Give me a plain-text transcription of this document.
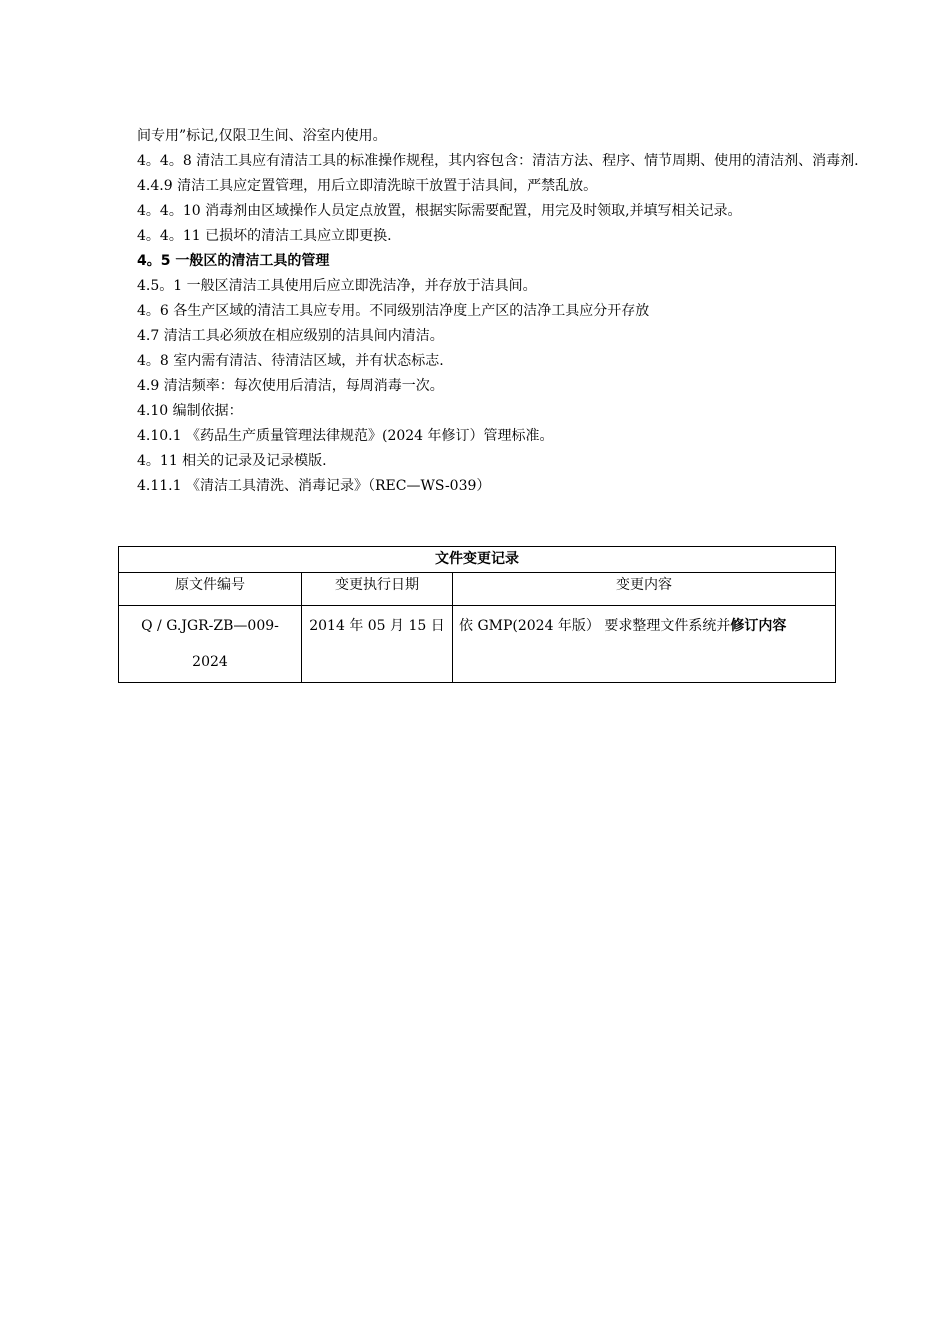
间专用”标记,仅限卫生间、浴室内使用。

4。4。8 清洁工具应有清洁工具的标准操作规程，其内容包含：清洁方法、程序、情节周期、使用的清洁剂、消毒剂.

4.4.9 清洁工具应定置管理，用后立即清洗晾干放置于洁具间，严禁乱放。

4。4。10 消毒剂由区域操作人员定点放置，根据实际需要配置，用完及时领取,并填写相关记录。

4。4。11 已损坏的清洁工具应立即更换.

4。5 一般区的清洁工具的管理

4.5。1 一般区清洁工具使用后应立即洗洁净，并存放于洁具间。

4。6 各生产区域的清洁工具应专用。不同级别洁净度上产区的洁净工具应分开存放

4.7 清洁工具必须放在相应级别的洁具间内清洁。

4。8 室内需有清洁、待清洁区域，并有状态标志.

4.9 清洁频率：每次使用后清洁，每周消毒一次。

4.10 编制依据：

4.10.1 《药品生产质量管理法律规范》(2024 年修订）管理标准。

4。11 相关的记录及记录模版.

4.11.1 《清洁工具清洗、消毒记录》（REC—WS-039）

文件变更记录		
原文件编号	变更执行日期	变更内容
Q / G.JGR-ZB—009-2024	2014 年 05 月 15 日	依 GMP(2024 年版） 要求整理文件系统并修订内容
